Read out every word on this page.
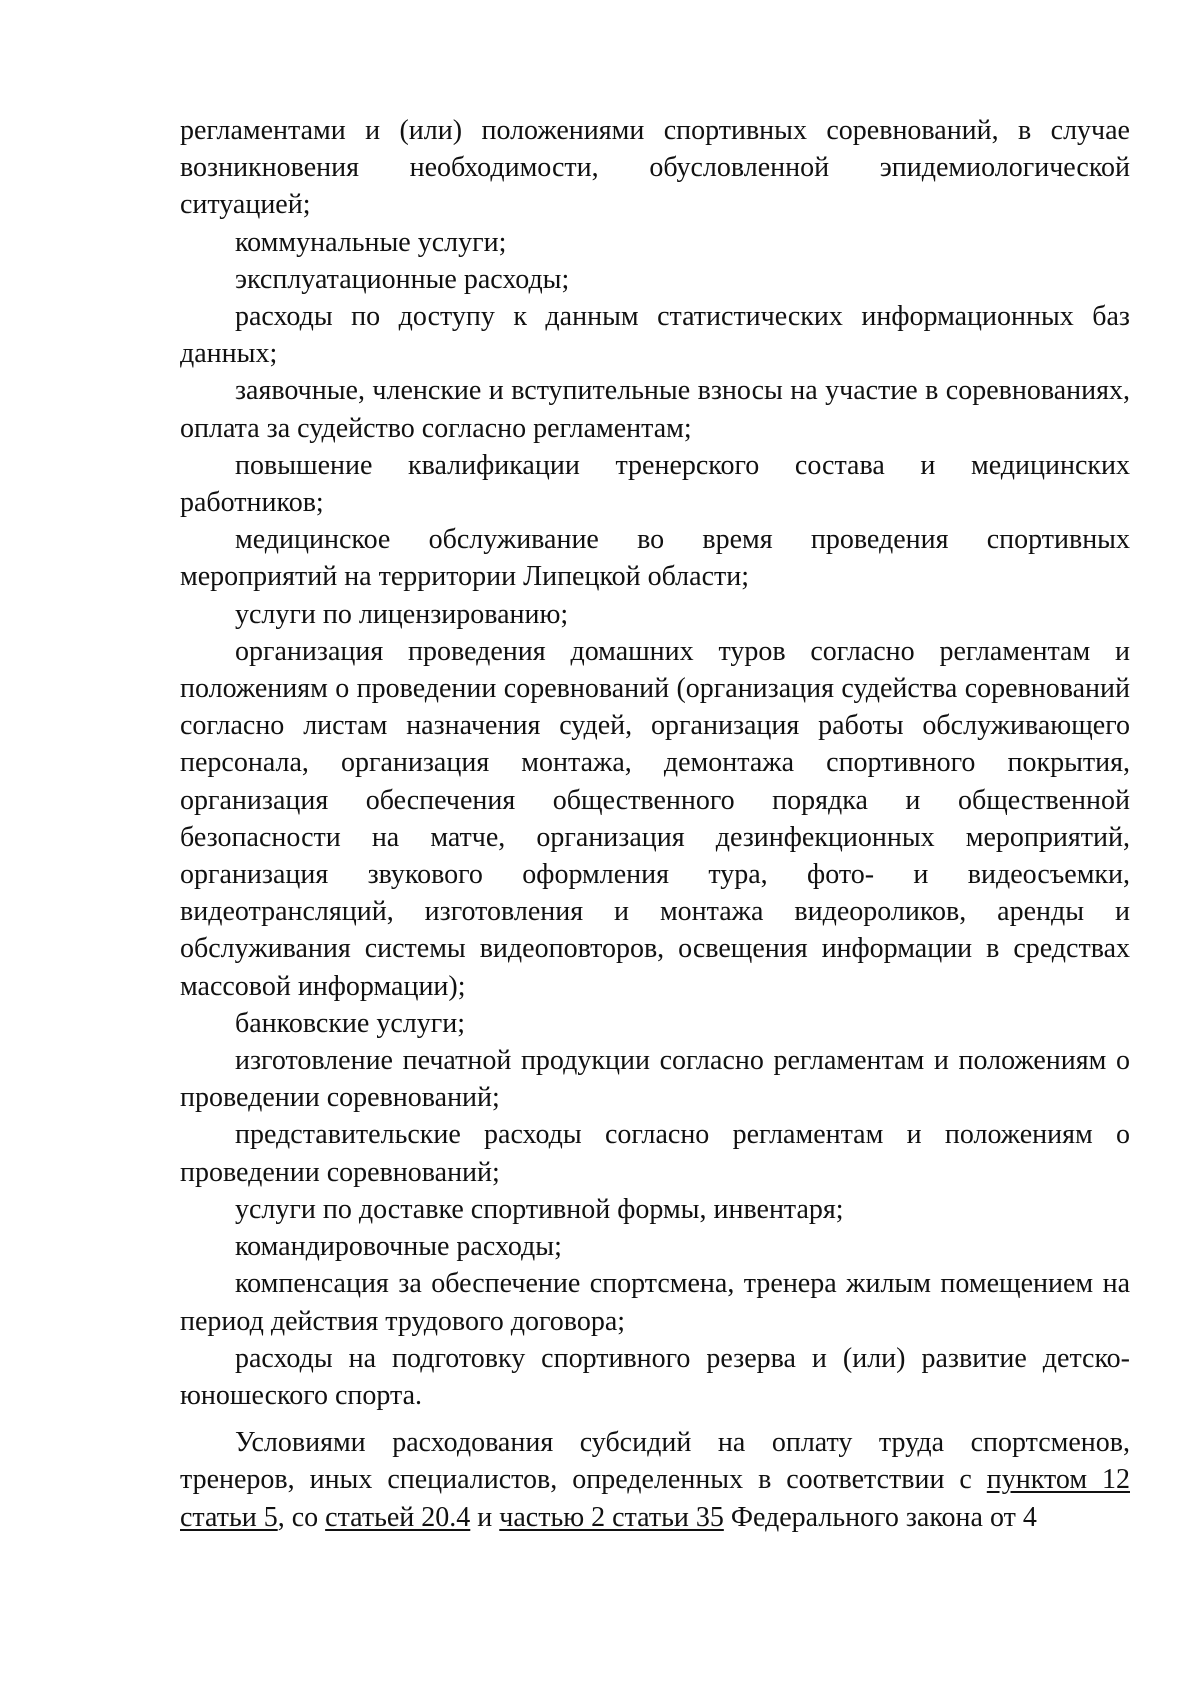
регламентами и (или) положениями спортивных соревнований, в случае возникновения необходимости, обусловленной эпидемиологической ситуацией;

коммунальные услуги;

эксплуатационные расходы;

расходы по доступу к данным статистических информационных баз данных;

заявочные, членские и вступительные взносы на участие в соревнованиях, оплата за судейство согласно регламентам;

повышение квалификации тренерского состава и медицинских работников;

медицинское обслуживание во время проведения спортивных мероприятий на территории Липецкой области;

услуги по лицензированию;

организация проведения домашних туров согласно регламентам и положениям о проведении соревнований (организация судейства соревнований согласно листам назначения судей, организация работы обслуживающего персонала, организация монтажа, демонтажа спортивного покрытия, организация обеспечения общественного порядка и общественной безопасности на матче, организация дезинфекционных мероприятий, организация звукового оформления тура, фото- и видеосъемки, видеотрансляций, изготовления и монтажа видеороликов, аренды и обслуживания системы видеоповторов, освещения информации в средствах массовой информации);

банковские услуги;

изготовление печатной продукции согласно регламентам и положениям о проведении соревнований;

представительские расходы согласно регламентам и положениям о проведении соревнований;

услуги по доставке спортивной формы, инвентаря;

командировочные расходы;

компенсация за обеспечение спортсмена, тренера жилым помещением на период действия трудового договора;

расходы на подготовку спортивного резерва и (или) развитие детско-юношеского спорта.

Условиями расходования субсидий на оплату труда спортсменов, тренеров, иных специалистов, определенных в соответствии с пунктом 12 статьи 5, со статьей 20.4 и частью 2 статьи 35 Федерального закона от 4
